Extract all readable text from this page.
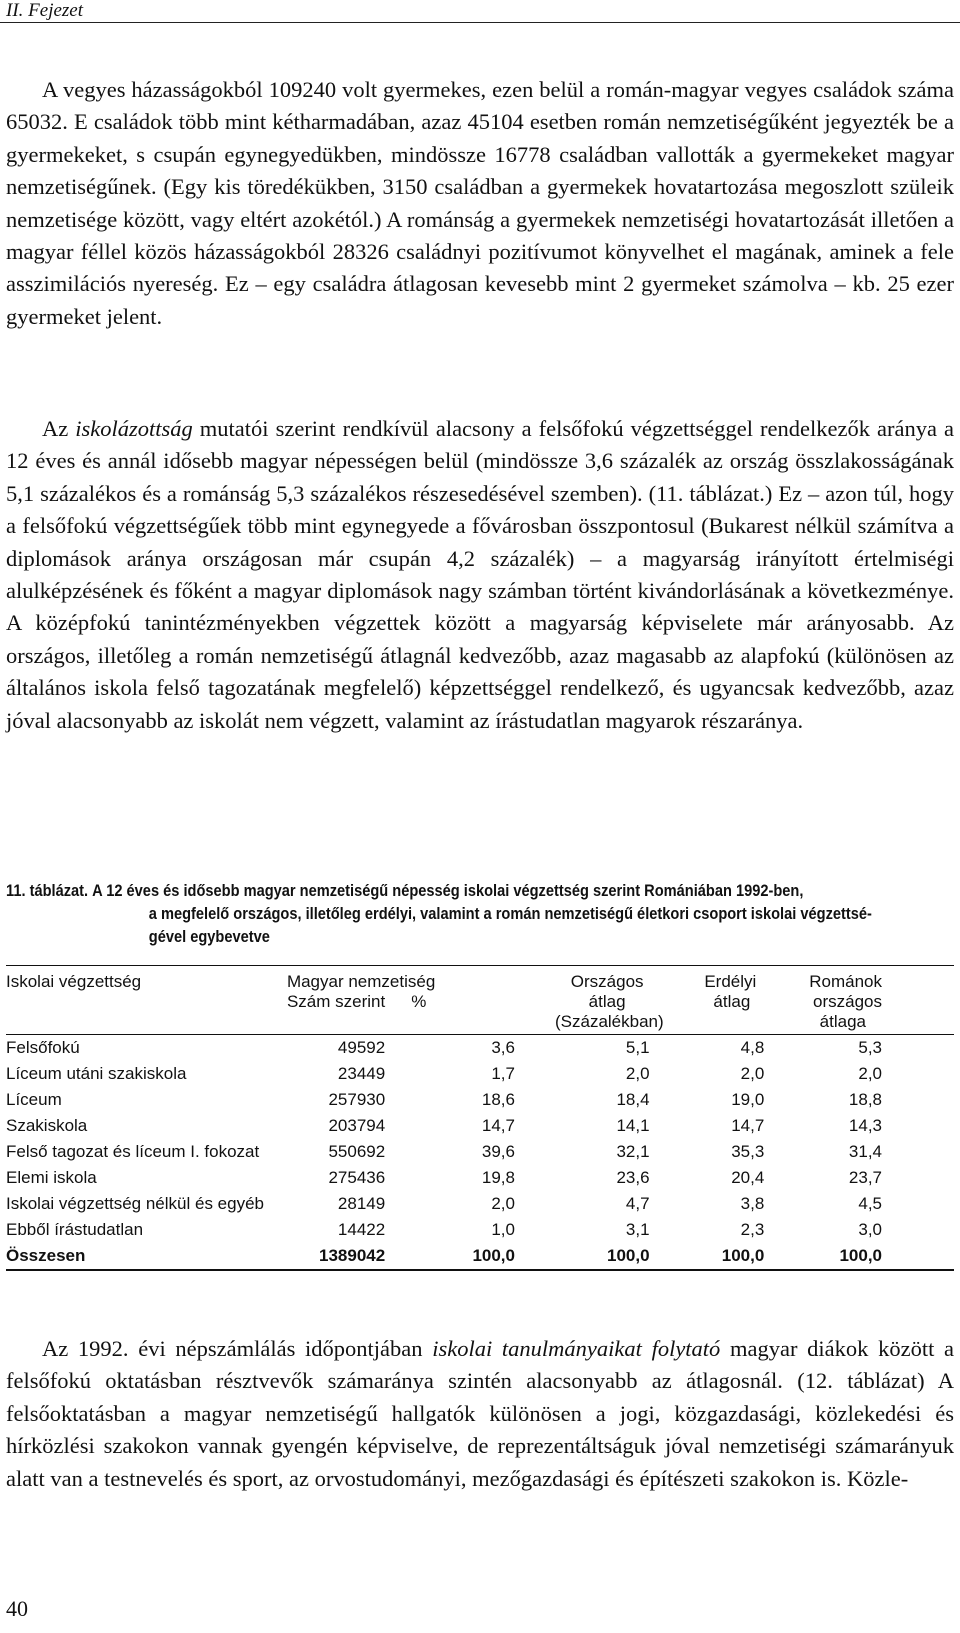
II. Fejezet

A vegyes házasságokból 109240 volt gyermekes, ezen belül a román-magyar vegyes családok száma 65032. E családok több mint kétharmadában, azaz 45104 esetben román nemzetiségűként jegyezték be a gyermekeket, s csupán egynegyedükben, mindössze 16778 családban vallották a gyermekeket magyar nemzetiségűnek. (Egy kis töredékükben, 3150 családban a gyermekek hovatartozása megoszlott szüleik nemzetisége között, vagy eltért azokétól.) A románság a gyermekek nemzetiségi hovatartozását illetően a magyar féllel közös házasságokból 28326 családnyi pozitívumot könyvelhet el magának, aminek a fele asszimilációs nyereség. Ez – egy családra átlagosan kevesebb mint 2 gyermeket számolva – kb. 25 ezer gyermeket jelent.

Az iskolázottság mutatói szerint rendkívül alacsony a felsőfokú végzettséggel rendelkezők aránya a 12 éves és annál idősebb magyar népességen belül (mindössze 3,6 százalék az ország összlakosságának 5,1 százalékos és a románság 5,3 százalékos részesedésével szemben). (11. táblázat.) Ez – azon túl, hogy a felsőfokú végzettségűek több mint egynegyede a fővárosban összpontosul (Bukarest nélkül számítva a diplomások aránya országosan már csupán 4,2 százalék) – a magyarság irányított értelmiségi alulképzésének és főként a magyar diplomások nagy számban történt kivándorlásának a következménye. A középfokú tanintézményekben végzettek között a magyarság képviselete már arányosabb. Az országos, illetőleg a román nemzetiségű átlagnál kedvezőbb, azaz magasabb az alapfokú (különösen az általános iskola felső tagozatának megfelelő) képzettséggel rendelkező, és ugyancsak kedvezőbb, azaz jóval alacsonyabb az iskolát nem végzett, valamint az írástudatlan magyarok részaránya.

11. táblázat. A 12 éves és idősebb magyar nemzetiségű népesség iskolai végzettség szerint Romániában 1992-ben,
a megfelelő országos, illetőleg erdélyi, valamint a román nemzetiségű életkori csoport iskolai végzettsé-
gével egybevetve
Iskolai végzettség	Magyar nemzetiség		Országos	Erdélyi	Románok
	Szám szerint	%	átlag	átlag	országos
			(Százalékban)		átlaga
Felsőfokú	49592	3,6	5,1	4,8	5,3
Líceum utáni szakiskola	23449	1,7	2,0	2,0	2,0
Líceum	257930	18,6	18,4	19,0	18,8
Szakiskola	203794	14,7	14,1	14,7	14,3
Felső tagozat és líceum I. fokozat	550692	39,6	32,1	35,3	31,4
Elemi iskola	275436	19,8	23,6	20,4	23,7
Iskolai végzettség nélkül és egyéb	28149	2,0	4,7	3,8	4,5
Ebből írástudatlan	14422	1,0	3,1	2,3	3,0
Összesen	1389042	100,0	100,0	100,0	100,0

Az 1992. évi népszámlálás időpontjában iskolai tanulmányaikat folytató magyar diákok között a felsőfokú oktatásban résztvevők számaránya szintén alacsonyabb az átlagosnál. (12. táblázat) A felsőoktatásban a magyar nemzetiségű hallgatók különösen a jogi, közgazdasági, közlekedési és hírközlési szakokon vannak gyengén képviselve, de reprezentáltságuk jóval nemzetiségi számarányuk alatt van a testnevelés és sport, az orvostudományi, mezőgazdasági és építészeti szakokon is. Közle-

40
